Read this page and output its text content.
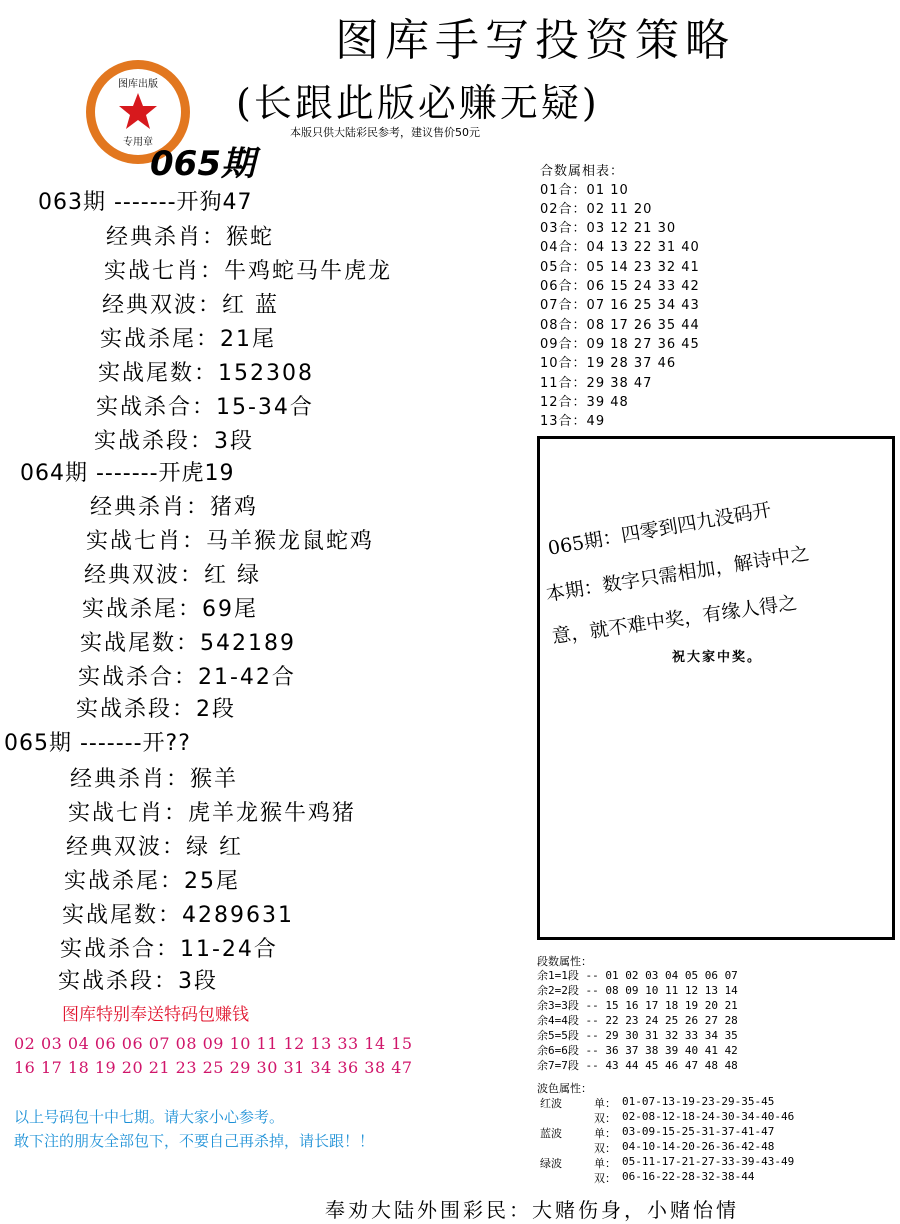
图库手写投资策略
(长跟此版必赚无疑)
本版只供大陆彩民参考，建议售价50元
图库出版
专用章
065期
063期 -------开狗47
经典杀肖：猴蛇
实战七肖：牛鸡蛇马牛虎龙
经典双波：红 蓝
实战杀尾：21尾
实战尾数：152308
实战杀合：15-34合
实战杀段：3段
064期 -------开虎19
经典杀肖：猪鸡
实战七肖：马羊猴龙鼠蛇鸡
经典双波：红 绿
实战杀尾：69尾
实战尾数：542189
实战杀合：21-42合
实战杀段：2段
065期 -------开??
经典杀肖：猴羊
实战七肖：虎羊龙猴牛鸡猪
经典双波：绿 红
实战杀尾：25尾
实战尾数：4289631
实战杀合：11-24合
实战杀段：3段
合数属相表：
01合：01 10
02合：02 11 20
03合：03 12 21 30
04合：04 13 22 31 40
05合：05 14 23 32 41
06合：06 15 24 33 42
07合：07 16 25 34 43
08合：08 17 26 35 44
09合：09 18 27 36 45
10合：19 28 37 46
11合：29 38 47
12合：39 48
13合：49
065期：四零到四九没码开
本期：数字只需相加，解诗中之
意，就不难中奖，有缘人得之
祝大家中奖。
图库特别奉送特码包赚钱
02 03 04 06 06 07 08 09 10 11 12 13 33 14 15
16 17 18 19 20 21 23 25 29 30 31 34 36 38 47
以上号码包十中七期。请大家小心参考。
敢下注的朋友全部包下，不要自己再杀掉，请长跟！！
段数属性：
余1=1段 -- 01 02 03 04 05 06 07
余2=2段 -- 08 09 10 11 12 13 14
余3=3段 -- 15 16 17 18 19 20 21
余4=4段 -- 22 23 24 25 26 27 28
余5=5段 -- 29 30 31 32 33 34 35
余6=6段 -- 36 37 38 39 40 41 42
余7=7段 -- 43 44 45 46 47 48 48
波色属性：
红波	单： 01-07-13-19-23-29-35-45
双： 02-08-12-18-24-30-34-40-46
蓝波	单： 03-09-15-25-31-37-41-47
双： 04-10-14-20-26-36-42-48
绿波	单： 05-11-17-21-27-33-39-43-49
双： 06-16-22-28-32-38-44
奉劝大陆外围彩民：大赌伤身，小赌怡情
